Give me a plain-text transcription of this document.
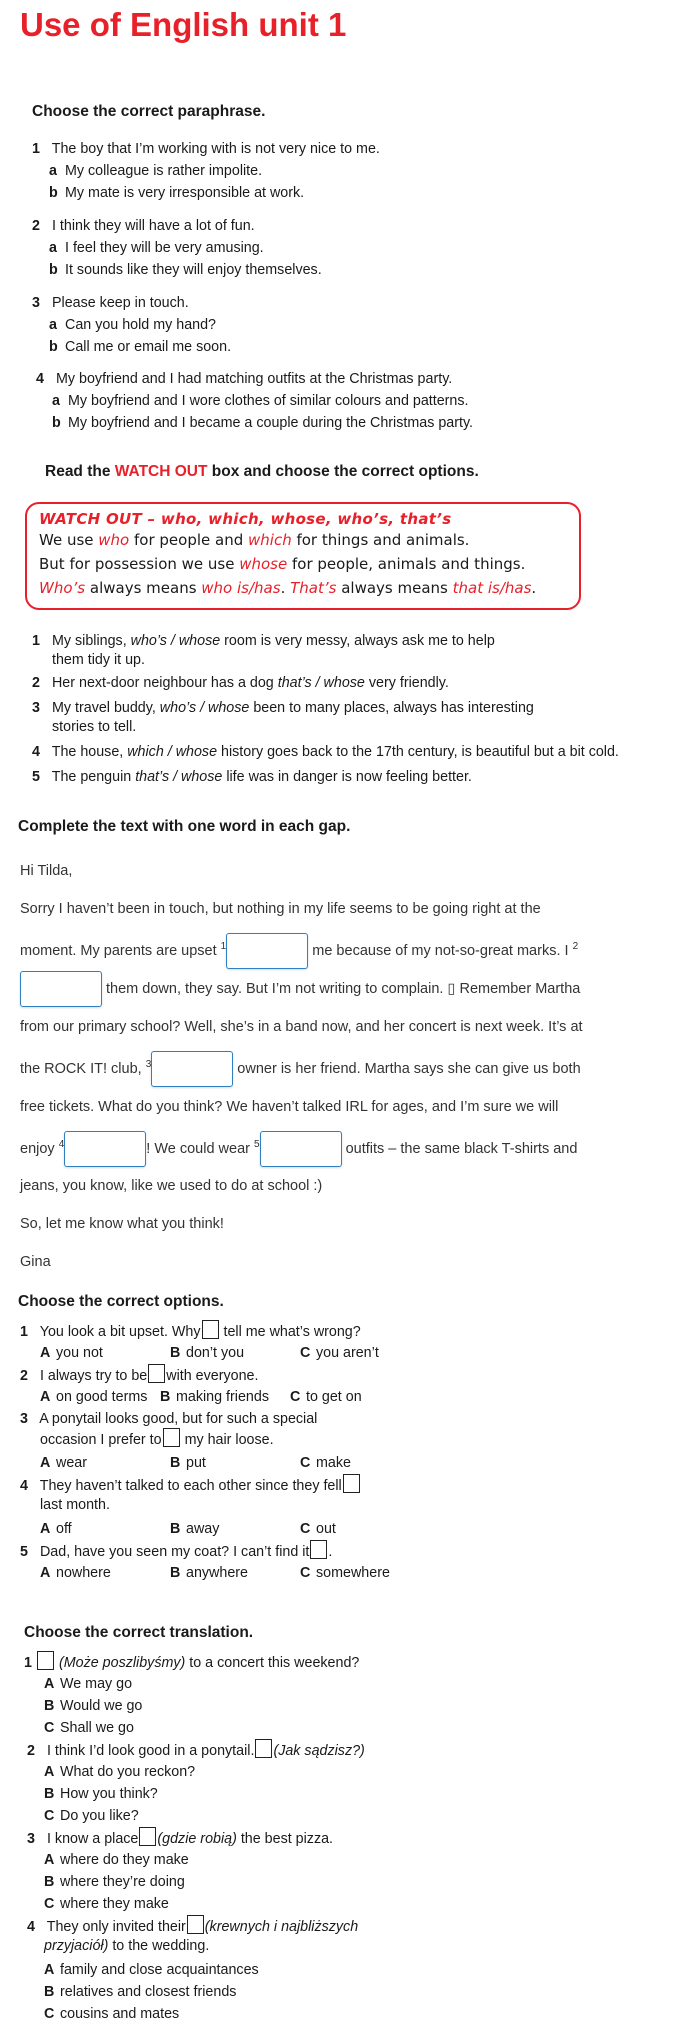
Use of English unit 1

Choose the correct paraphrase.

1 The boy that I’m working with is not very nice to me.
a My colleague is rather impolite.
b My mate is very irresponsible at work.
2 I think they will have a lot of fun.
a I feel they will be very amusing.
b It sounds like they will enjoy themselves.
3 Please keep in touch.
a Can you hold my hand?
b Call me or email me soon.
4 My boyfriend and I had matching outfits at the Christmas party.
a My boyfriend and I wore clothes of similar colours and patterns.
b My boyfriend and I became a couple during the Christmas party.

Read the WATCH OUT box and choose the correct options.

WATCH OUT – who, which, whose, who’s, that’s
We use who for people and which for things and animals.
But for possession we use whose for people, animals and things.
Who’s always means who is/has. That’s always means that is/has.
1 My siblings, who’s / whose room is very messy, always ask me to help
them tidy it up.
2 Her next-door neighbour has a dog that’s / whose very friendly.
3 My travel buddy, who’s / whose been to many places, always has interesting
stories to tell.
4 The house, which / whose history goes back to the 17th century, is beautiful but a bit cold.
5 The penguin that’s / whose life was in danger is now feeling better.

Complete the text with one word in each gap.

Hi Tilda,
Sorry I haven’t been in touch, but nothing in my life seems to be going right at the
moment. My parents are upset $^1$	me because of my not-so-great marks. I $^2$
them down, they say. But I’m not writing to complain. ▯ Remember Martha
from our primary school? Well, she’s in a band now, and her concert is next week. It’s at
the ROCK IT! club, $^3$	owner is her friend. Martha says she can give us both
free tickets. What do you think? We haven’t talked IRL for ages, and I’m sure we will
enjoy $^4$	! We could wear $^5$	outfits – the same black T-shirts and
jeans, you know, like we used to do at school :)
So, let me know what you think!
Gina

Choose the correct options.

1 You look a bit upset. Why tell me what’s wrong?
A you not	B don’t you	C you aren’t
2 I always try to be with everyone.
A on good terms B making friends C to get on
3 A ponytail looks good, but for such a special
occasion I prefer to my hair loose.
A wear	B put	C make
4 They haven’t talked to each other since they fell
last month.
A off	B away	C out
5 Dad, have you seen my coat? I can’t find it .
A nowhere	B anywhere	C somewhere

Choose the correct translation.

1 (Może poszlibyśmy) to a concert this weekend?
A We may go
B Would we go
C Shall we go
2 I think I’d look good in a ponytail. (Jak sądzisz?)
A What do you reckon?
B How you think?
C Do you like?
3 I know a place (gdzie robią) the best pizza.
A where do they make
B where they’re doing
C where they make
4 They only invited their (krewnych i najbliższych
przyjaciół) to the wedding.
A family and close acquaintances
B relatives and closest friends
C cousins and mates
